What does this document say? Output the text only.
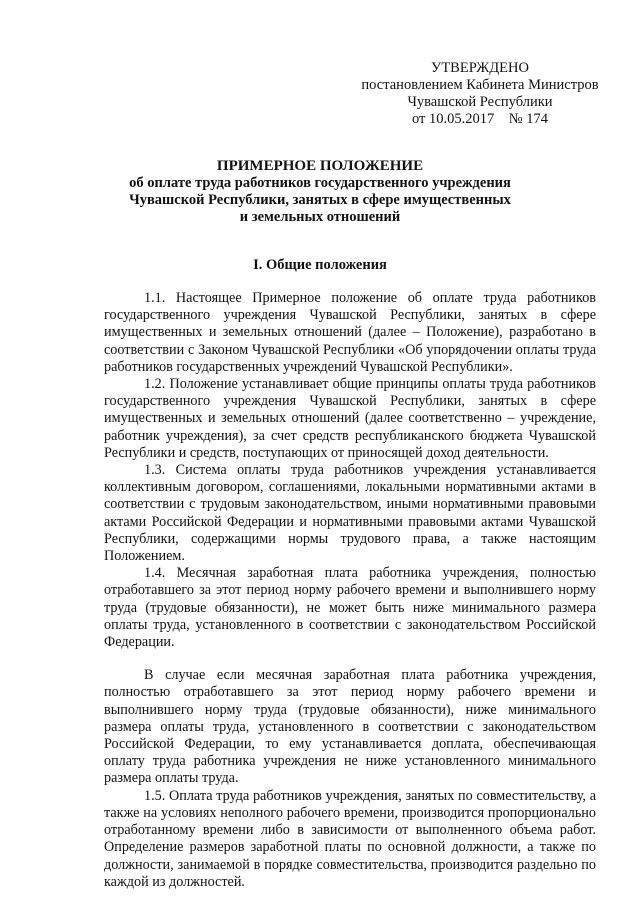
УТВЕРЖДЕНО
постановлением Кабинета Министров
Чувашской Республики
от 10.05.2017    № 174
ПРИМЕРНОЕ ПОЛОЖЕНИЕ
об оплате труда работников государственного учреждения
Чувашской Республики, занятых в сфере имущественных
и земельных отношений
I. Общие положения

1.1. Настоящее Примерное положение об оплате труда работников государственного учреждения Чувашской Республики, занятых в сфере имущественных и земельных отношений (далее – Положение), разработано в соответствии с Законом Чувашской Республики «Об упорядочении оплаты труда работников государственных учреждений Чувашской Республики».

1.2. Положение устанавливает общие принципы оплаты труда работников государственного учреждения Чувашской Республики, занятых в сфере имущественных и земельных отношений (далее соответственно – учреждение, работник учреждения), за счет средств республиканского бюджета Чувашской Республики и средств, поступающих от приносящей доход деятельности.

1.3. Система оплаты труда работников учреждения устанавливается коллективным договором, соглашениями, локальными нормативными актами в соответствии с трудовым законодательством, иными нормативными правовыми актами Российской Федерации и нормативными правовыми актами Чувашской Республики, содержащими нормы трудового права, а также настоящим Положением.

1.4. Месячная заработная плата работника учреждения, полностью отработавшего за этот период норму рабочего времени и выполнившего норму труда (трудовые обязанности), не может быть ниже минимального размера оплаты труда, установленного в соответствии с законодательством Российской Федерации.

В случае если месячная заработная плата работника учреждения, полностью отработавшего за этот период норму рабочего времени и выполнившего норму труда (трудовые обязанности), ниже минимального размера оплаты труда, установленного в соответствии с законодательством Российской Федерации, то ему устанавливается доплата, обеспечивающая оплату труда работника учреждения не ниже установленного минимального размера оплаты труда.

1.5. Оплата труда работников учреждения, занятых по совместительству, а также на условиях неполного рабочего времени, производится пропорционально отработанному времени либо в зависимости от выполненного объема работ. Определение размеров заработной платы по основной должности, а также по должности, занимаемой в порядке совместительства, производится раздельно по каждой из должностей.
